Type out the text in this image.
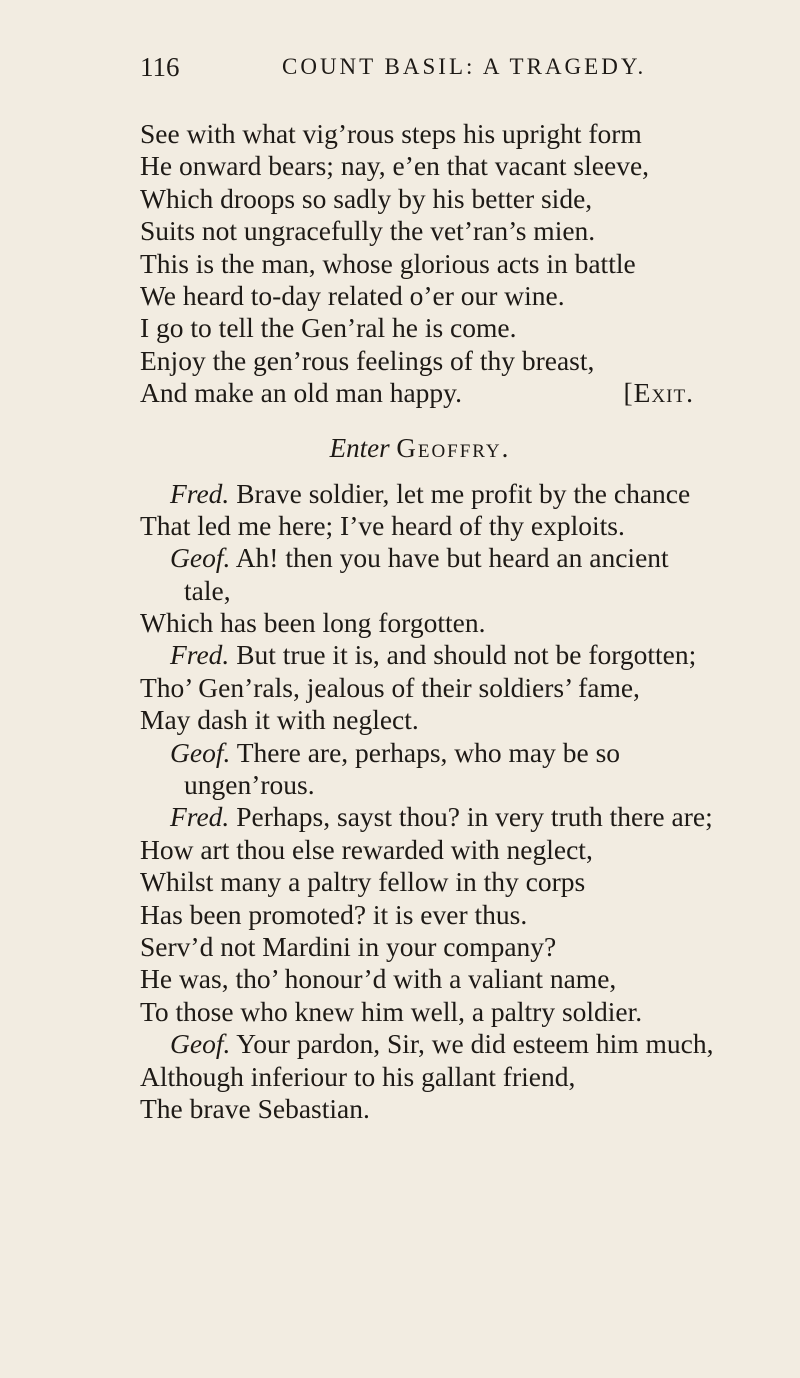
116	COUNT BASIL: A TRAGEDY.
See with what vig’rous steps his upright form
He onward bears; nay, e’en that vacant sleeve,
Which droops so sadly by his better side,
Suits not ungracefully the vet’ran’s mien.
This is the man, whose glorious acts in battle
We heard to-day related o’er our wine.
I go to tell the Gen’ral he is come.
Enjoy the gen’rous feelings of thy breast,
And make an old man happy.	[Exit.
Enter Geoffry.
Fred. Brave soldier, let me profit by the chance
That led me here; I’ve heard of thy exploits.
Geof. Ah! then you have but heard an ancient
tale,
Which has been long forgotten.
Fred. But true it is, and should not be forgotten;
Tho’ Gen’rals, jealous of their soldiers’ fame,
May dash it with neglect.
Geof. There are, perhaps, who may be so
ungen’rous.
Fred. Perhaps, sayst thou? in very truth there are;
How art thou else rewarded with neglect,
Whilst many a paltry fellow in thy corps
Has been promoted? it is ever thus.
Serv’d not Mardini in your company?
He was, tho’ honour’d with a valiant name,
To those who knew him well, a paltry soldier.
Geof. Your pardon, Sir, we did esteem him much,
Although inferiour to his gallant friend,
The brave Sebastian.
